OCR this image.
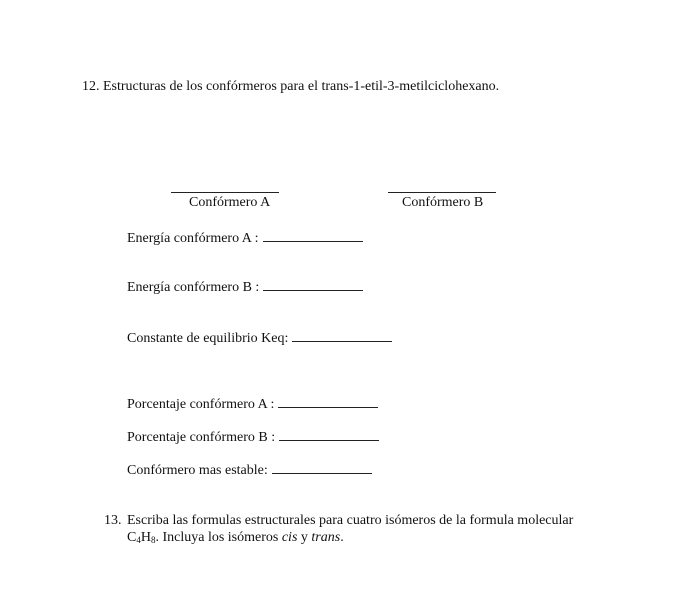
12. Estructuras de los confórmeros para el trans-1-etil-3-metilciclohexano.
Confórmero A	Confórmero B
Energía confórmero A :
Energía confórmero B :
Constante de equilibrio Keq:
Porcentaje confórmero A :
Porcentaje confórmero B :
Confórmero mas estable:
13. Escriba las formulas estructurales para cuatro isómeros de la formula molecular
$C_4H_8$. Incluya los isómeros cis y trans.
